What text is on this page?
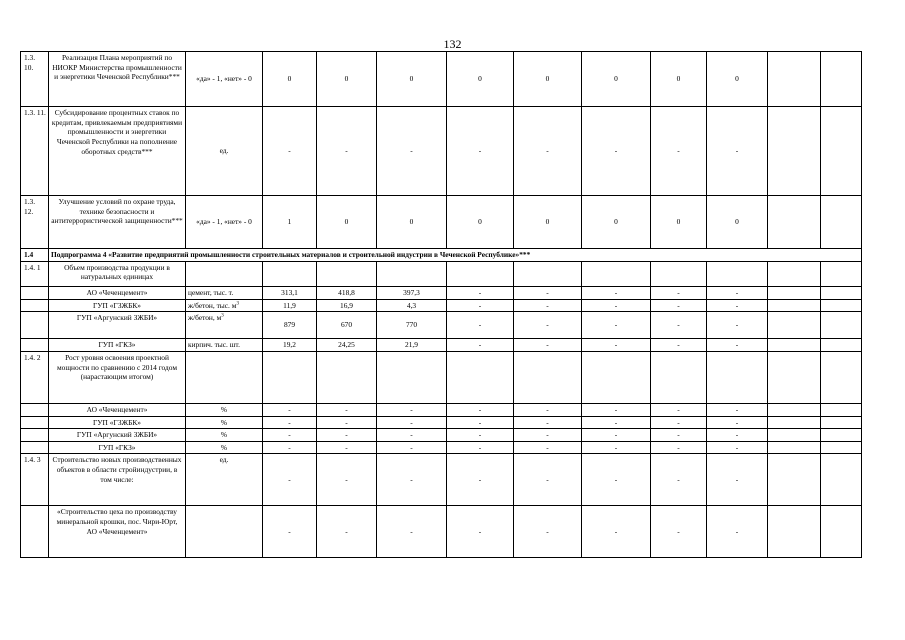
132
1.3. 10.	Реализация Плана мероприятий по НИОКР Министерства промышленности и энергетики Чеченской Республики***	«да» - 1, «нет» - 0	0	0	0	0	0	0	0	0		
1.3. 11.	Субсидирование процентных ставок по кредитам, привлекаемым предприятиями промышленности и энергетики Чеченской Республики на пополнение оборотных средств***	ед.	-	-	-	-	-	-	-	-		
1.3. 12.	Улучшение условий по охране труда, технике безопасности и антитеррористической защищенности***	«да» - 1, «нет» - 0	1	0	0	0	0	0	0	0		
1.4	Подпрограмма 4 «Развитие предприятий промышленности строительных материалов и строительной индустрии в Чеченской Республике»***											
1.4. 1	Объем производства продукции в натуральных единицах											
	АО «Чеченцемент»	цемент, тыс. т.	313,1	418,8	397,3	-	-	-	-	-		
	ГУП «ГЗЖБК»	ж/бетон, тыс. $м^3$	11,9	16,9	4,3	-	-	-	-	-		
	ГУП «Аргунский ЗЖБИ»	ж/бетон, $м^3$	879	670	770	-	-	-	-	-		
	ГУП «ГКЗ»	кирпич. тыс. шт.	19,2	24,25	21,9	-	-	-	-	-		
1.4. 2	Рост уровня освоения проектной мощности по сравнению с 2014 годом (нарастающим итогом)											
	АО «Чеченцемент»	%	-	-	-	-	-	-	-	-		
	ГУП «ГЗЖБК»	%	-	-	-	-	-	-	-	-		
	ГУП «Аргунский ЗЖБИ»	%	-	-	-	-	-	-	-	-		
	ГУП «ГКЗ»	%	-	-	-	-	-	-	-	-		
1.4. 3	Строительство новых производственных объектов в области стройиндустрии, в том числе:	ед.	-	-	-	-	-	-	-	-		
	«Строительство цеха по производству минеральной крошки, пос. Чири-Юрт, АО «Чеченцемент»		-	-	-	-	-	-	-	-		
